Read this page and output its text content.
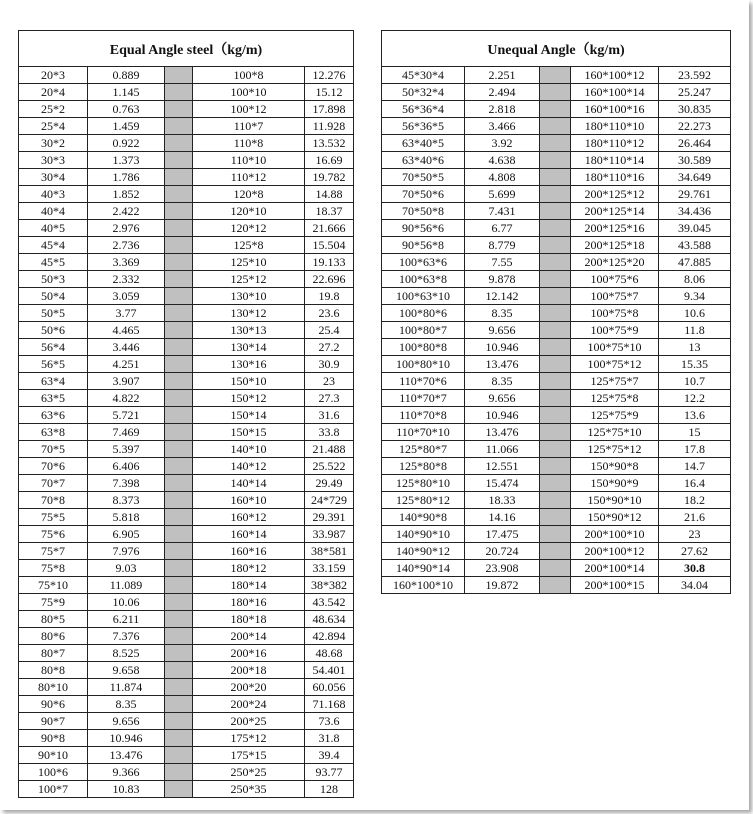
Equal Angle steel（kg/m)				
20*3	0.889		100*8	12.276
20*4	1.145		100*10	15.12
25*2	0.763		100*12	17.898
25*4	1.459		110*7	11.928
30*2	0.922		110*8	13.532
30*3	1.373		110*10	16.69
30*4	1.786		110*12	19.782
40*3	1.852		120*8	14.88
40*4	2.422		120*10	18.37
40*5	2.976		120*12	21.666
45*4	2.736		125*8	15.504
45*5	3.369		125*10	19.133
50*3	2.332		125*12	22.696
50*4	3.059		130*10	19.8
50*5	3.77		130*12	23.6
50*6	4.465		130*13	25.4
56*4	3.446		130*14	27.2
56*5	4.251		130*16	30.9
63*4	3.907		150*10	23
63*5	4.822		150*12	27.3
63*6	5.721		150*14	31.6
63*8	7.469		150*15	33.8
70*5	5.397		140*10	21.488
70*6	6.406		140*12	25.522
70*7	7.398		140*14	29.49
70*8	8.373		160*10	24*729
75*5	5.818		160*12	29.391
75*6	6.905		160*14	33.987
75*7	7.976		160*16	38*581
75*8	9.03		180*12	33.159
75*10	11.089		180*14	38*382
75*9	10.06		180*16	43.542
80*5	6.211		180*18	48.634
80*6	7.376		200*14	42.894
80*7	8.525		200*16	48.68
80*8	9.658		200*18	54.401
80*10	11.874		200*20	60.056
90*6	8.35		200*24	71.168
90*7	9.656		200*25	73.6
90*8	10.946		175*12	31.8
90*10	13.476		175*15	39.4
100*6	9.366		250*25	93.77
100*7	10.83		250*35	128
Unequal Angle（kg/m)				
45*30*4	2.251		160*100*12	23.592
50*32*4	2.494		160*100*14	25.247
56*36*4	2.818		160*100*16	30.835
56*36*5	3.466		180*110*10	22.273
63*40*5	3.92		180*110*12	26.464
63*40*6	4.638		180*110*14	30.589
70*50*5	4.808		180*110*16	34.649
70*50*6	5.699		200*125*12	29.761
70*50*8	7.431		200*125*14	34.436
90*56*6	6.77		200*125*16	39.045
90*56*8	8.779		200*125*18	43.588
100*63*6	7.55		200*125*20	47.885
100*63*8	9.878		100*75*6	8.06
100*63*10	12.142		100*75*7	9.34
100*80*6	8.35		100*75*8	10.6
100*80*7	9.656		100*75*9	11.8
100*80*8	10.946		100*75*10	13
100*80*10	13.476		100*75*12	15.35
110*70*6	8.35		125*75*7	10.7
110*70*7	9.656		125*75*8	12.2
110*70*8	10.946		125*75*9	13.6
110*70*10	13.476		125*75*10	15
125*80*7	11.066		125*75*12	17.8
125*80*8	12.551		150*90*8	14.7
125*80*10	15.474		150*90*9	16.4
125*80*12	18.33		150*90*10	18.2
140*90*8	14.16		150*90*12	21.6
140*90*10	17.475		200*100*10	23
140*90*12	20.724		200*100*12	27.62
140*90*14	23.908		200*100*14	30.8
160*100*10	19.872		200*100*15	34.04
